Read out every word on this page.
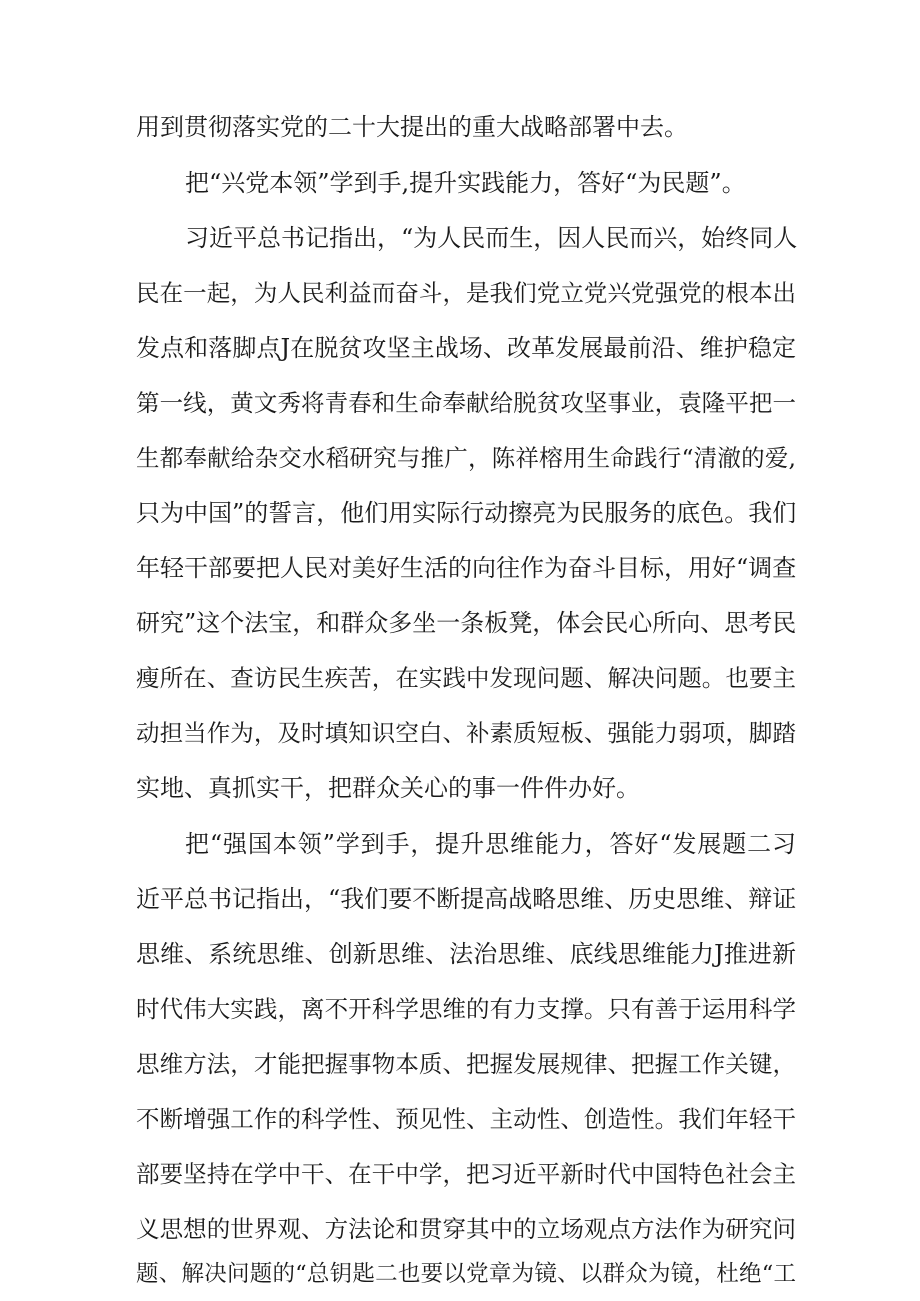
用到贯彻落实党的二十大提出的重大战略部署中去。
把“兴党本领”学到手,提升实践能力，答好“为民题”。
习近平总书记指出，“为人民而生，因人民而兴，始终同人
民在一起，为人民利益而奋斗，是我们党立党兴党强党的根本出
发点和落脚点J在脱贫攻坚主战场、改革发展最前沿、维护稳定
第一线，黄文秀将青春和生命奉献给脱贫攻坚事业，袁隆平把一
生都奉献给杂交水稻研究与推广，陈祥榕用生命践行“清澈的爱,
只为中国”的誓言，他们用实际行动擦亮为民服务的底色。我们
年轻干部要把人民对美好生活的向往作为奋斗目标，用好“调查
研究”这个法宝，和群众多坐一条板凳，体会民心所向、思考民
瘦所在、查访民生疾苦，在实践中发现问题、解决问题。也要主
动担当作为，及时填知识空白、补素质短板、强能力弱项，脚踏
实地、真抓实干，把群众关心的事一件件办好。
把“强国本领”学到手，提升思维能力，答好“发展题二习
近平总书记指出，“我们要不断提高战略思维、历史思维、辩证
思维、系统思维、创新思维、法治思维、底线思维能力J推进新
时代伟大实践，离不开科学思维的有力支撑。只有善于运用科学
思维方法，才能把握事物本质、把握发展规律、把握工作关键，
不断增强工作的科学性、预见性、主动性、创造性。我们年轻干
部要坚持在学中干、在干中学，把习近平新时代中国特色社会主
义思想的世界观、方法论和贯穿其中的立场观点方法作为研究问
题、解决问题的“总钥匙二也要以党章为镜、以群众为镜，杜绝“工
